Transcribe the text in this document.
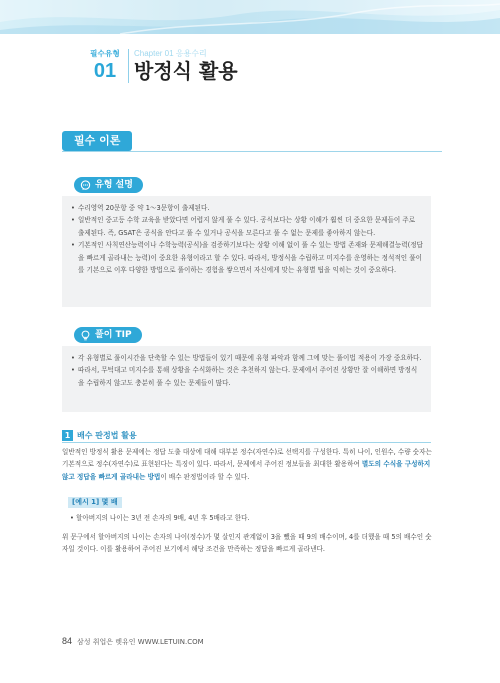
필수유형
01
Chapter 01 응용수리
방정식 활용
필수 이론
유형 설명
• 수리영역 20문항 중 약 1～3문항이 출제된다.
• 일반적인 중고등 수학 교육을 받았다면 어렵지 않게 풀 수 있다. 공식보다는 상황 이해가 훨씬 더 중요한 문제들이 주로 출제된다. 즉, GSAT은 공식을 안다고 풀 수 있거나 공식을 모른다고 풀 수 없는 문제를 좋아하지 않는다.
• 기본적인 사칙연산능력이나 수학능력(공식)을 검증하기보다는 상황 이해 없이 풀 수 있는 방법 존재와 문제해결능력(정답을 빠르게 골라내는 능력)이 중요한 유형이라고 할 수 있다. 따라서, 방정식을 수립하고 미지수를 운영하는 정석적인 풀이를 기본으로 이후 다양한 방법으로 풀이하는 경험을 쌓으면서 자신에게 맞는 유형별 팁을 익히는 것이 중요하다.
풀이 TIP
• 각 유형별로 풀이시간을 단축할 수 있는 방법들이 있기 때문에 유형 파악과 함께 그에 맞는 풀이법 적용이 가장 중요하다.
• 따라서, 무턱대고 미지수를 통해 상황을 수식화하는 것은 추천하지 않는다. 문제에서 주어진 상황만 잘 이해하면 방정식을 수립하지 않고도 충분히 풀 수 있는 문제들이 많다.
1 배수 판정법 활용
일반적인 방정식 활용 문제에는 정답 도출 대상에 대해 대부분 정수(자연수)로 선택지를 구성한다. 특히 나이, 인원수, 수량 숫자는 기본적으로 정수(자연수)로 표현된다는 특징이 있다. 따라서, 문제에서 주어진 정보들을 최대한 활용하여 별도의 수식을 구성하지 않고 정답을 빠르게 골라내는 방법이 배수 판정법이라 할 수 있다.
[예시 1] 몇 배
• 할아버지의 나이는 3년 전 손자의 9배, 4년 후 5배라고 한다.
위 문구에서 할아버지의 나이는 손자의 나이(정수)가 몇 살인지 관계없이 3을 뺐을 때 9의 배수이며, 4를 더했을 때 5의 배수인 숫자일 것이다. 이를 활용하여 주어진 보기에서 해당 조건을 만족하는 정답을 빠르게 골라낸다.
84 삼성 취업은 렛유인 WWW.LETUIN.COM
